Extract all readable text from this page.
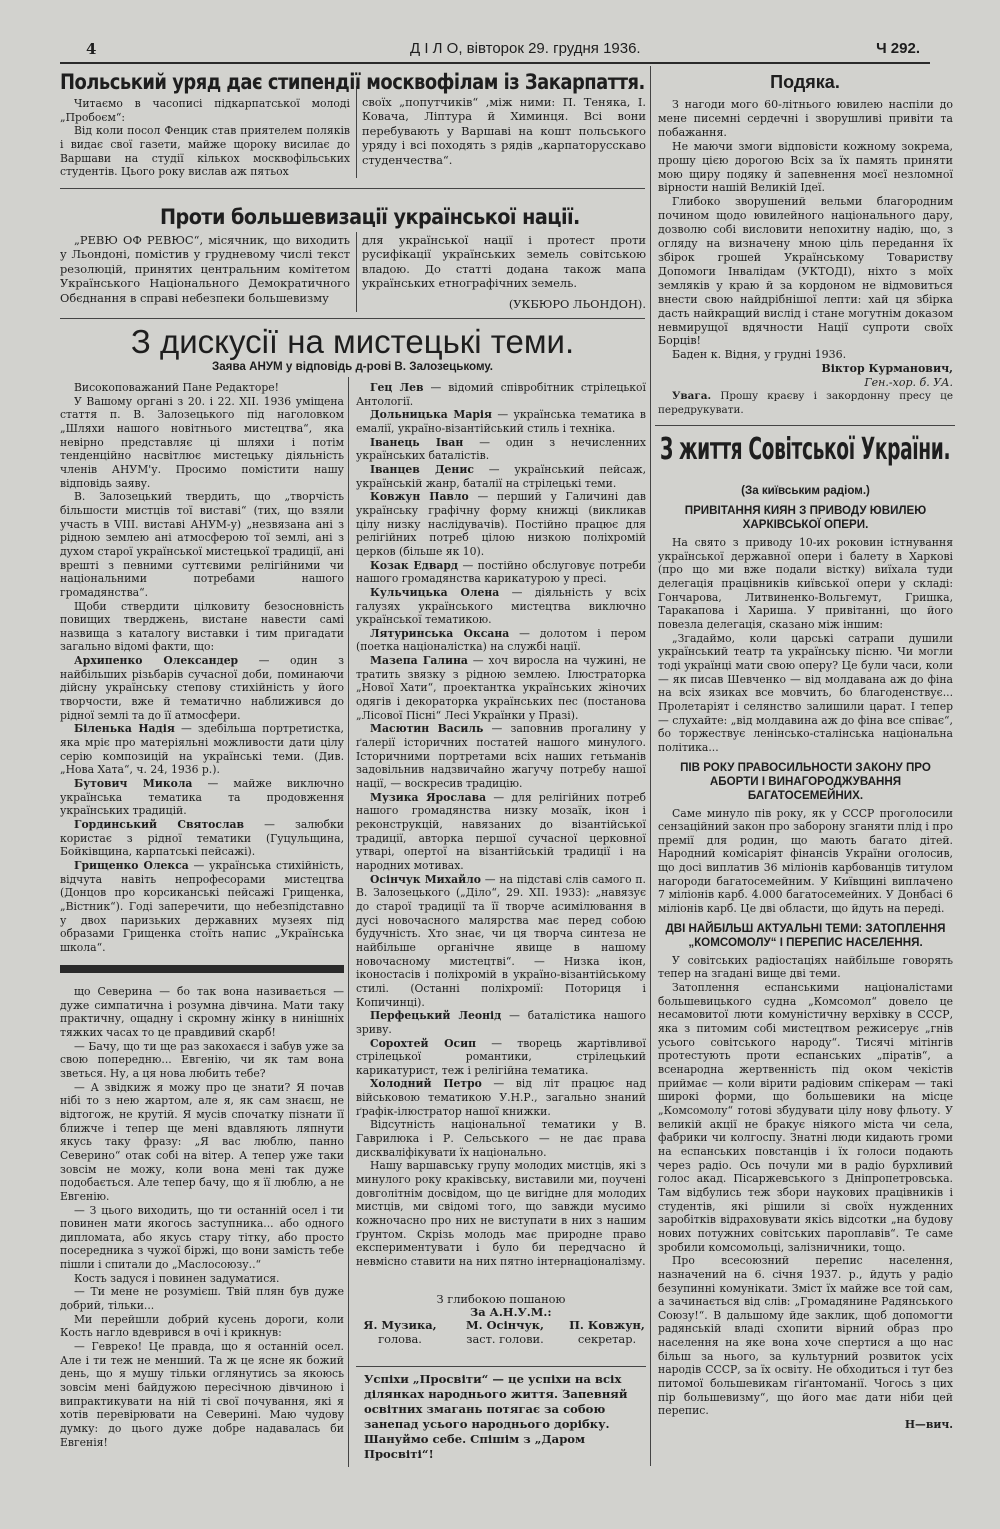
4	Д І Л О, вівторок 29. грудня 1936.	Ч 292.
Польський уряд дає стипендії москвофілам із Закарпаття.

Читаємо в часописі підкарпатської молоді „Пробоєм“:

Від коли посол Фенцик став приятелем поляків і видає свої газети, майже щороку висилає до Варшави на студії кількох москвофільських студентів. Цього року вислав аж пятьох

своїх „попутчиків“ ,між ними: П. Теняка, І. Ковача, Ліптура й Химинця. Всі вони перебувають у Варшаві на кошт польського уряду і всі походять з рядів „карпаторусскаво студенчества“.

Проти большевизації української нації.

„РЕВЮ ОФ РЕВЮС“, місячник, що виходить у Льондоні, помістив у грудневому числі текст резолюцій, принятих центральним комітетом Українського Національного Демократичного Обєднання в справі небезпеки большевизму

для української нації і протест проти русифікації українських земель совітською владою. До статті додана також мапа українських етнографічних земель.

(УКБЮРО ЛЬОНДОН).
З дискусії на мистецькі теми.
Заява АНУМ у відповідь д-рові В. Залозецькому.

Високоповажаний Пане Редакторе!

У Вашому органі з 20. і 22. XII. 1936 уміщена стаття п. В. Залозецького під наголовком „Шляхи нашого новітнього мистецтва“, яка невірно представляє ці шляхи і потім тенденційно насвітлює мистецьку діяльність членів АНУМ'у. Просимо помістити нашу відповідь заяву.

В. Залозецький твердить, що „творчість більшости мистців тої виставі“ (тих, що взяли участь в VIII. виставі АНУМ-у) „незвязана ані з рідною землею ані атмосферою тої землі, ані з духом старої української мистецької традиції, ані врешті з певними суттєвими релігійними чи національними потребами нашого громадянства“.

Щоби ствердити цілковиту безосновність повищих тверджень, вистане навести самі назвища з каталогу виставки і тим пригадати загально відомі факти, що:

Архипенко Олександер — один з найбільших різьбарів сучасної доби, поминаючи дійсну українську степову стихійність у його творчости, вже й тематично наближився до рідної землі та до її атмосфери.

Біленька Надія — здебільша портретистка, яка мріє про матеріяльні можливости дати цілу серію композицій на українські теми. (Див. „Нова Хата“, ч. 24, 1936 р.).

Бутович Микола — майже виключно українська тематика та продовження українських традицій.

Гординський Святослав — залюбки користає з рідної тематики (Гуцульщина, Бойківщина, карпатські пейсажі).

Грищенко Олекса — українська стихійність, відчута навіть непрофесорами мистецтва (Донцов про корсиканські пейсажі Грищенка, „Вістник“). Годі заперечити, що небезпідставно у двох паризьких державних музеях під образами Грищенка стоїть напис „Українська школа“.

що Северина — бо так вона називається — дуже симпатична і розумна дівчина. Мати таку практичну, ощадну і скромну жінку в нинішніх тяжких часах то це правдивий скарб!

— Бачу, що ти ще раз закохаєся і забув уже за свою попередню... Евгенію, чи як там вона зветься. Ну, а ця нова любить тебе?

— А звідкиж я можу про це знати? Я почав нібі то з нею жартом, але я, як сам знаєш, не відтогож, не крутій. Я мусів спочатку пізнати її ближче і тепер ще мені вдавляють ляпнути якусь таку фразу: „Я вас люблю, панно Северино“ отак собі на вітер. А тепер уже таки зовсім не можу, коли вона мені так дуже подобається. Але тепер бачу, що я її люблю, а не Евгенію.

— З цього виходить, що ти останній осел і ти повинен мати якогось заступника... або одного дипломата, або якусь стару тітку, або просто посередника з чужої біржі, що вони замість тебе пішли і спитали до „Маслосоюзу..“

Кость задуся і повинен задуматися.

— Ти мене не розумієш. Твій плян був дуже добрий, тільки...

Ми перейшли добрий кусень дороги, коли Кость нагло вдеврився в очі і крикнув:

— Гевреко! Це правда, що я останній осел. Але і ти теж не менший. Та ж це ясне як божий день, що я мушу тільки оглянутись за якоюсь зовсім мені байдужою пересічною дівчиною і випрактикувати на ній ті свої почування, які я хотів перевірювати на Северині. Маю чудову думку: до цього дуже добре надавалась би Евгенія!

Гец Лев — відомий співробітник стрілецької Антології.

Дольницька Марія — українська тематика в емалії, україно-візантійський стиль і техніка.

Іванець Іван — один з нечисленних українських баталістів.

Іванцев Денис — український пейсаж, українській жанр, баталії на стрілецькі теми.

Ковжун Павло — перший у Галичині дав українську графічну форму книжці (викликав цілу низку наслідувачів). Постійно працює для релігійних потреб цілою низкою поліхромій церков (більше як 10).

Козак Едвард — постійно обслуговує потреби нашого громадянства карикатурою у пресі.

Кульчицька Олена — діяльність у всіх галузях українського мистецтва виключно української тематикою.

Лятуринська Оксана — долотом і пером (поетка націоналістка) на службі нації.

Мазепа Галина — хоч виросла на чужині, не тратить звязку з рідною землею. Ілюстраторка „Нової Хати“, проектантка українських жіночих одягів і декораторка українських пес (постанова „Лісової Пісні“ Лесі Українки у Празі).

Масютин Василь — заповнив прогалину у ґалерії історичних постатей нашого минулого. Історичними портретами всіх наших гетьманів задовільнив надзвичайно жагучу потребу нашої нації, — воскресив традицію.

Музика Ярослава — для релігійних потреб нашого громадянства низку мозаїк, ікон і реконструкцій, навязаних до візантійської традиції, авторка першої сучасної церковної утварі, опертої на візантійській традиції і на народних мотивах.

Осінчук Михайло — на підставі слів самого п. В. Залозецького („Діло“, 29. XII. 1933): „навязує до старої традиції та її творче асимілювання в дусі новочасного малярства має перед собою будучність. Хто знає, чи ця творча синтеза не найбільше органічне явище в нашому новочасному мистецтві“. — Низка ікон, іконостасів і поліхромій в україно-візантійському стилі. (Останні поліхромії: Поториця і Копичинці).

Перфецький Леонід — баталістика нашого зриву.

Сорохтей Осип — творець жартівливої стрілецької романтики, стрілецький карикатурист, теж і релігійна тематика.

Холодний Петро — від літ працює над військовою тематикою У.Н.Р., загально знаний ґрафік-ілюстратор нашої книжки.

Відсутність національної тематики у В. Гаврилюка і Р. Сельського — не дає права дискваліфікувати їх національно.

Нашу варшавську групу молодих мистців, які з минулого року краківську, виставили ми, поучені довголітнім досвідом, що це вигідне для молодих мистців, ми свідомі того, що завжди мусимо кожночасно про них не виступати в них з нашим ґрунтом. Скрізь молодь має природне право експериментувати і було би передчасно й невмісно ставити на них пятно інтернаціоналізму.

З глибокою пошаною
За А.Н.У.М.:
Я. Музика,
голова.
М. Осінчук,
заст. голови.
П. Ковжун,
секретар.

Успіхи „Просвіти“ — це успіхи на всіх ділянках народнього життя. Запевняй освітних змагань потягає за собою занепад усього народнього дорібку. Шануймо себе. Спішім з „Даром Просвіті“!

Подяка.

З нагоди мого 60-літнього ювилею наспіли до мене писемні сердечні і зворушливі привіти та побажання.

Не маючи змоги відповісти кожному зокрема, прошу цією дорогою Всіх за їх память приняти мою щиру подяку й запевнення моєї незломної вірности нашій Великій Ідеї.

Глибоко зворушений вельми благородним почином щодо ювилейного національного дару, дозволю собі висловити непохитну надію, що, з огляду на визначену мною ціль передання їх збірок грошей Українському Товариству Допомоги Інвалідам (УКТОДІ), ніхто з моїх земляків у краю й за кордоном не відмовиться внести свою найдрібнішої лепти: хай ця збірка дасть найкращий вислід і стане могутнім доказом невмирущої вдячности Нації супроти своїх Борців!

Баден к. Відня, у грудні 1936.

Віктор Курманович,

Ген.-хор. б. УА.

Увага. Прошу краєву і закордонну пресу це передрукувати.

З життя Совітської України.
(За київським радіом.)
ПРИВІТАННЯ КИЯН З ПРИВОДУ ЮВИЛЕЮ ХАРКІВСЬКОЇ ОПЕРИ.

На свято з приводу 10-их роковин істнування української державної опери і балету в Харкові (про що ми вже подали вістку) виїхала туди делегація працівників київської опери у складі: Гончарова, Литвиненко-Вольгемут, Гришка, Таракапова і Хариша. У привітанні, що його повезла делегація, сказано між іншим:

„Згадаймо, коли царські сатрапи душили український театр та українську пісню. Чи могли тоді українці мати свою оперу? Це були часи, коли — як писав Шевченко — від молдавана аж до фіна на всіх язиках все мовчить, бо благоденствує... Пролетаріят і селянство залишили царат. І тепер — слухайте: „від молдавина аж до фіна все співає“, бо торжествує ленінсько-сталінська національна політика...

ПІВ РОКУ ПРАВОСИЛЬНОСТИ ЗАКОНУ ПРО АБОРТИ І ВИНАГОРОДЖУВАННЯ БАГАТОСЕМЕЙНИХ.

Саме минуло пів року, як у СССР проголосили сензаційний закон про заборону зганяти плід і про премії для родин, що мають багато дітей. Народний комісаріят фінансів України оголосив, що досі виплатив 36 міліонів карбованців титулом нагороди багатосемейним. У Київщині виплачено 7 міліонів карб. 4.000 багатосемейних. У Донбасі 6 міліонів карб. Це дві области, що йдуть на переді.

ДВІ НАЙБІЛЬШ АКТУАЛЬНІ ТЕМИ: ЗАТОПЛЕННЯ „КОМСОМОЛУ“ І ПЕРЕПИС НАСЕЛЕННЯ.

У совітських радіостаціях найбільше говорять тепер на згадані вище дві теми.

Затоплення еспанськими націоналістами большевицького судна „Комсомол“ довело це несамовитої люти комуністичну верхівку в СССР, яка з питомим собі мистецтвом режисерує „гнів усього совітського народу“. Тисячі мітінгів протестують проти еспанських „піратів“, а всенародна жертвенність під оком чекістів приймає — коли вірити радіовим спікерам — такі широкі форми, що большевики на місце „Комсомолу“ готові збудувати цілу нову фльоту. У великій акції не бракує ніякого міста чи села, фабрики чи колгоспу. Знатні люди кидають громи на еспанських повстанців і їх голоси подають через радіо. Ось почули ми в радіо бурхливий голос акад. Пісаржевського з Дніпропетровська. Там відбулись теж збори наукових працівників і студентів, які рішили зі своїх нужденних заробітків відраховувати якісь відсотки „на будову нових потужних совітських пароплавів“. Те саме зробили комсомольці, залізничники, тощо.

Про всесоюзний перепис населення, назначений на 6. січня 1937. р., йдуть у радіо безупинні комунікати. Зміст їх майже все той сам, а зачинається від слів: „Громадянине Радянського Союзу!“. В дальшому йде заклик, щоб допомогти радянській владі схопити вірний образ про населення на яке вона хоче спертися а що нас більш за нього, за культурний розвиток усіх народів СССР, за їх освіту. Не обходиться і тут без питомої большевикам гіґантоманії. Чогось з цих пір большевизму“, що його має дати ніби цей перепис.

Н—вич.
